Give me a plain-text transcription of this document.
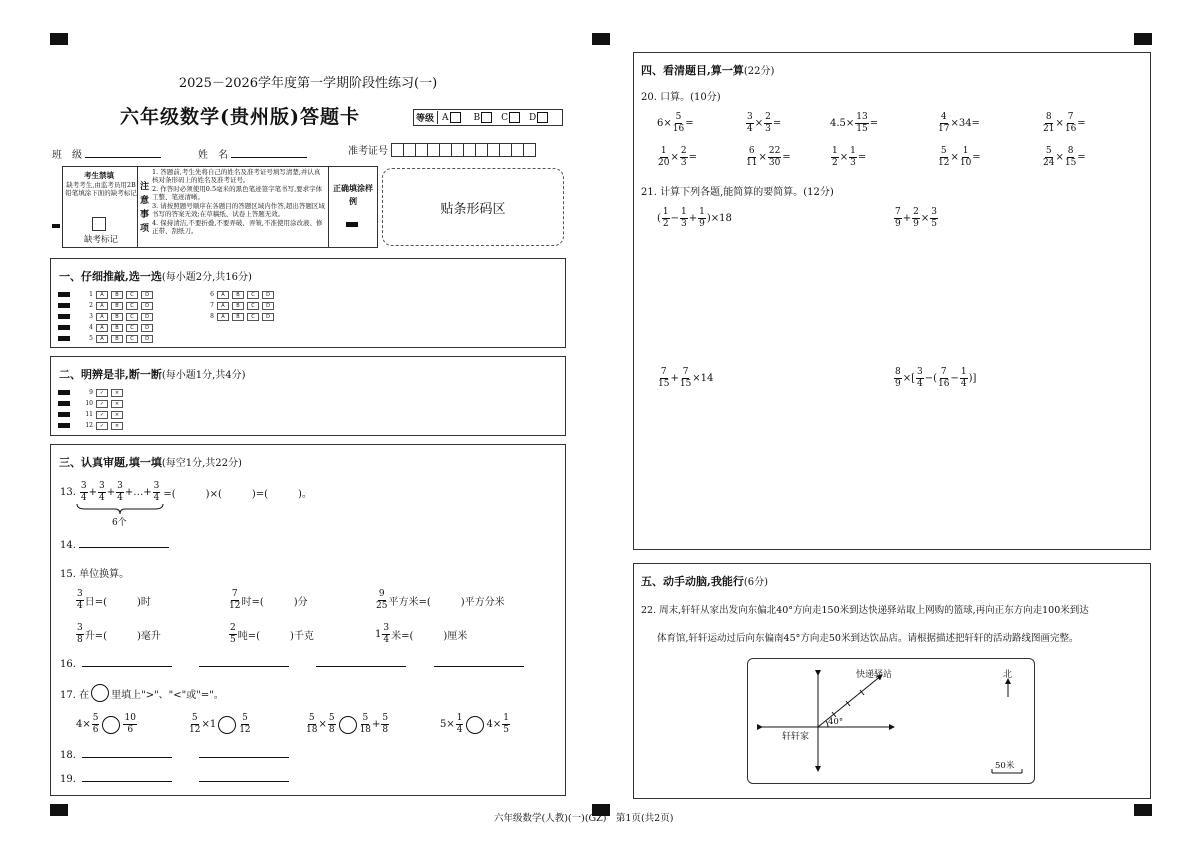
2025－2026学年度第一学期阶段性练习(一)
六年级数学(贵州版)答题卡	等级 A	B C D
班　级	姓　名	准考证号
考生禁填
缺考考生,由监考员用2B铅笔填涂下面的缺考标记
缺考标记
注意事项
1. 答题前,考生先将自己的姓名及准考证号填写清楚,并认真核对条形码上的姓名及准考证号。
2. 作答时必须使用0.5毫米的黑色笔迹签字笔书写,要求字体工整、笔迹清晰。
3. 请按照题号顺序在各题目的答题区域内作答,超出答题区域书写的答案无效;在草稿纸、试卷上答题无效。
4. 保持清洁,不要折叠,不要弄破、弄皱,不准使用涂改液、修正带、刮纸刀。
正确填涂样例
贴条形码区
一、仔细推敲,选一选(每小题2分,共16分)
1	A	B	C	D
2	A	B	C	D
3	A	B	C	D
4	A	B	C	D
5	A	B	C	D
6	A	B	C	D
7	A	B	C	D
8	A	B	C	D
二、明辨是非,断一断(每小题1分,共4分)
9	✓	×
10	✓	×
11	✓	×
12	✓	×
三、认真审题,填一填(每空1分,共22分)
13. $\frac{3}{4} + \frac{3}{4} + \frac{3}{4}$ +…+ $\frac{3}{4}$ =(　　　)×(　　　)=(　　　)。
6个
14.
15. 单位换算。
$\frac{3}{4}$ 日=(　　　)时	$\frac{7}{12}$ 时=(　　　)分	$\frac{9}{25}$ 平方米=(　　　)平方分米
$\frac{3}{8}$ 升=(　　　)毫升	$\frac{2}{5}$ 吨=(　　　)千克	$1 \frac{3}{4}$ 米=(　　　)厘米
16.
17. 在 里填上">"、"<"或"="。
$4\times \frac{5}{6}$	$\frac{10}{6}$	$\frac{5}{12} \times 1$	$\frac{5}{12}$	$\frac{5}{18} \times \frac{5}{8}$	$\frac{5}{18} + \frac{5}{8}$	$5\times \frac{1}{4} 4\times \frac{1}{5}$
18.
19.
四、看清题目,算一算(22分)
20. 口算。(10分)
$6\times \frac{5}{16}$ =	$\frac{3}{4} \times \frac{2}{3}$ =	$4.5\times \frac{13}{15}$ =	$\frac{4}{17} \times 34=$	$\frac{8}{21} \times \frac{7}{16}$ =
$\frac{1}{20} \times \frac{2}{3}$ =	$\frac{6}{11} \times \frac{22}{30}$ =	$\frac{1}{2} \times \frac{1}{3}$ =	$\frac{5}{12} \times \frac{1}{10}$ =	$\frac{5}{24} \times \frac{8}{15}$ =
21. 计算下列各题,能简算的要简算。(12分)
( $\frac{1}{2} - \frac{1}{3} + \frac{1}{9} )\times 18$	$\frac{7}{9} + \frac{2}{9} \times \frac{3}{5}$
$\frac{7}{15} + \frac{7}{15} \times 14$	$\frac{8}{9}$ ×[ $\frac{3}{4}$ −( $\frac{7}{16} - \frac{1}{4}$ )]
五、动手动脑,我能行(6分)
22. 周末,轩轩从家出发向东偏北40°方向走150米到达快递驿站取上网购的篮球,再向正东方向走100米到达
体育馆,轩轩运动过后向东偏南45°方向走50米到达饮品店。请根据描述把轩轩的活动路线图画完整。
快递驿站
轩轩家
40°
北
50米
六年级数学(人教)(一)(GZ)　第1页(共2页)
